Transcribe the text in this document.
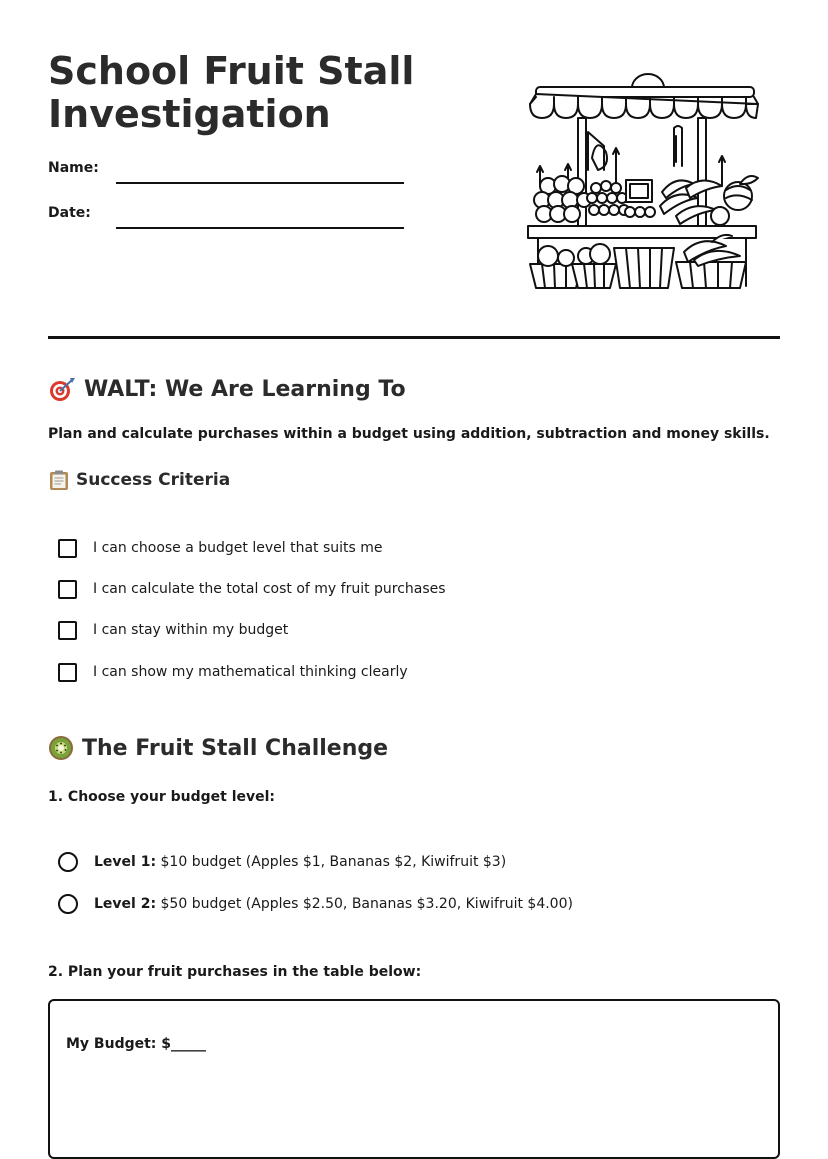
School Fruit Stall
Investigation
Name:
Date:
WALT: We Are Learning To
Plan and calculate purchases within a budget using addition, subtraction and money skills.
Success Criteria
I can choose a budget level that suits me
I can calculate the total cost of my fruit purchases
I can stay within my budget
I can show my mathematical thinking clearly
The Fruit Stall Challenge
1. Choose your budget level:
Level 1: $10 budget (Apples $1, Bananas $2, Kiwifruit $3)
Level 2: $50 budget (Apples $2.50, Bananas $3.20, Kiwifruit $4.00)
2. Plan your fruit purchases in the table below:
My Budget: $_____
